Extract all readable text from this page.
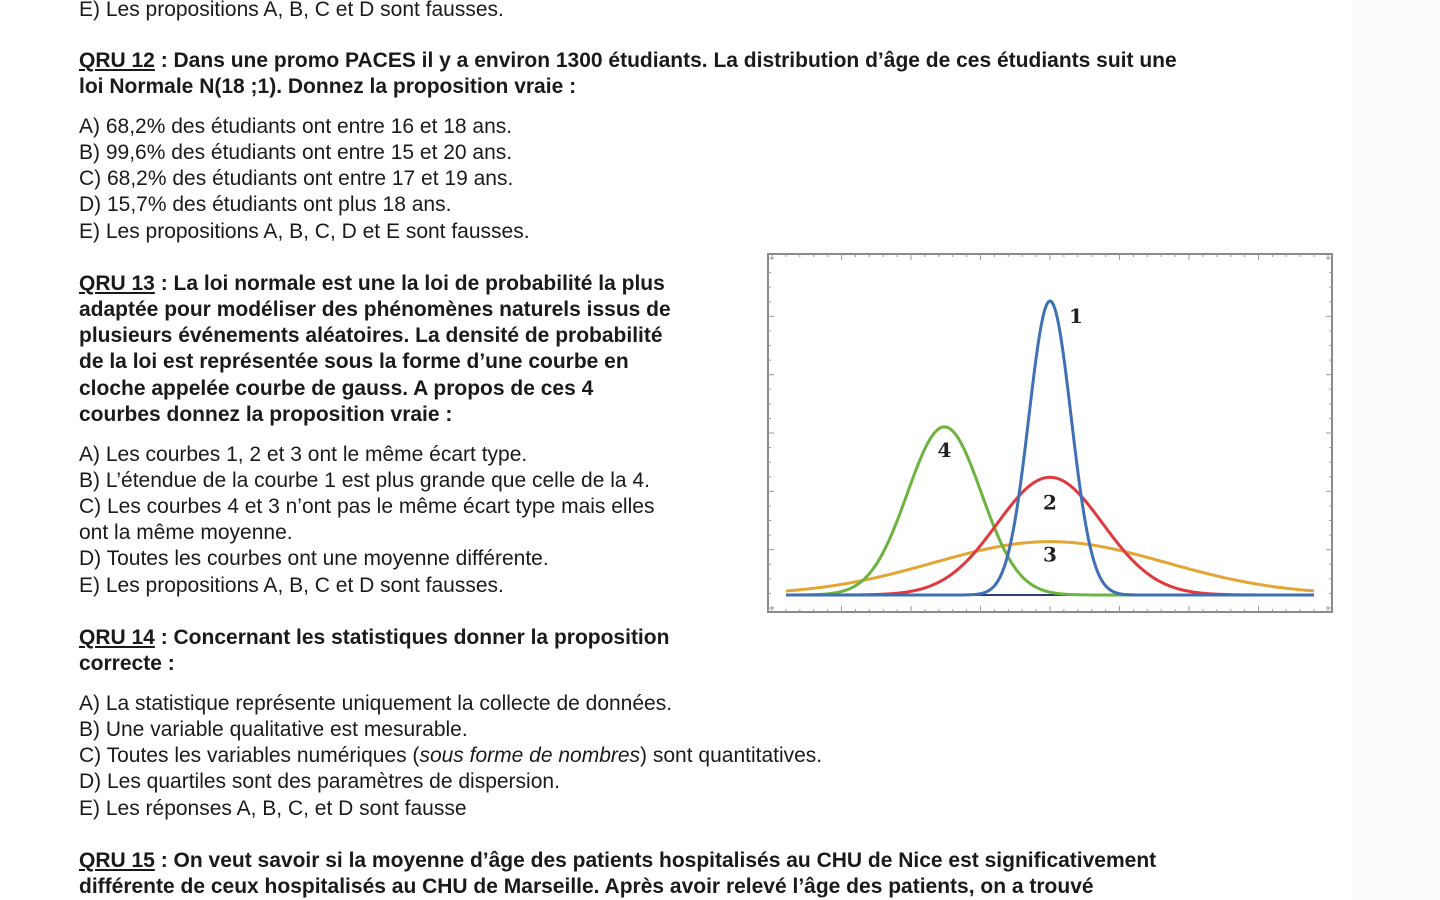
E) Les propositions A, B, C et D sont fausses.
QRU 12 : Dans une promo PACES il y a environ 1300 étudiants. La distribution d’âge de ces étudiants suit une
loi Normale N(18 ;1). Donnez la proposition vraie :
A) 68,2% des étudiants ont entre 16 et 18 ans.
B) 99,6% des étudiants ont entre 15 et 20 ans.
C) 68,2% des étudiants ont entre 17 et 19 ans.
D) 15,7% des étudiants ont plus 18 ans.
E) Les propositions A, B, C, D et E sont fausses.
QRU 13 : La loi normale est une la loi de probabilité la plus
adaptée pour modéliser des phénomènes naturels issus de
plusieurs événements aléatoires. La densité de probabilité
de la loi est représentée sous la forme d’une courbe en
cloche appelée courbe de gauss. A propos de ces 4
courbes donnez la proposition vraie :
A) Les courbes 1, 2 et 3 ont le même écart type.
B) L’étendue de la courbe 1 est plus grande que celle de la 4.
C) Les courbes 4 et 3 n’ont pas le même écart type mais elles
ont la même moyenne.
D) Toutes les courbes ont une moyenne différente.
E) Les propositions A, B, C et D sont fausses.
1
2
3
4
QRU 14 : Concernant les statistiques donner la proposition
correcte :
A) La statistique représente uniquement la collecte de données.
B) Une variable qualitative est mesurable.
C) Toutes les variables numériques (sous forme de nombres) sont quantitatives.
D) Les quartiles sont des paramètres de dispersion.
E) Les réponses A, B, C, et D sont fausse
QRU 15 : On veut savoir si la moyenne d’âge des patients hospitalisés au CHU de Nice est significativement
différente de ceux hospitalisés au CHU de Marseille. Après avoir relevé l’âge des patients, on a trouvé
